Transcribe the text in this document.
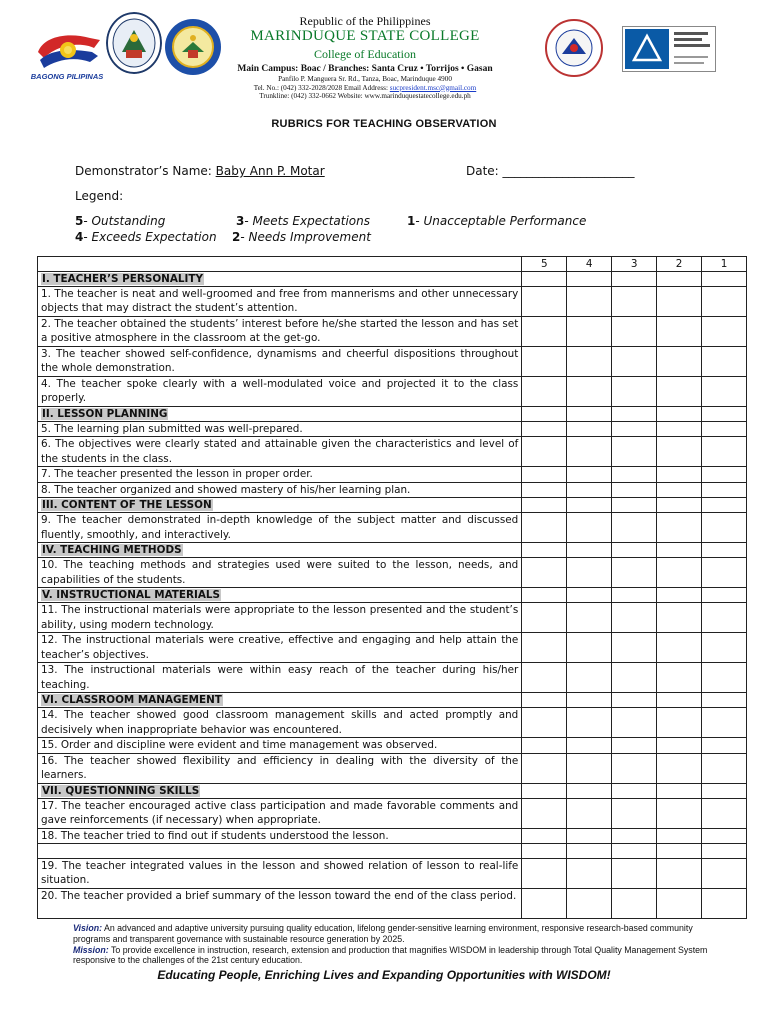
BAGONG PILIPINAS
Republic of the Philippines
MARINDUQUE STATE COLLEGE
College of Education
Main Campus: Boac / Branches: Santa Cruz • Torrijos • Gasan
Panfilo P. Manguera Sr. Rd., Tanza, Boac, Marinduque 4900
Tel. No.: (042) 332-2028/2028 Email Address: sucpresident.msc@gmail.com
Trunkline: (042) 332-0662 Website: www.marinduquestatecollege.edu.ph
RUBRICS FOR TEACHING OBSERVATION
Demonstrator’s Name: Baby Ann P. Motar	Date: ______________________
Legend:
5- Outstanding	3- Meets Expectations	1- Unacceptable Performance
4- Exceeds Expectation 2- Needs Improvement
	5	4	3	2	1
I. TEACHER’S PERSONALITY					
1. The teacher is neat and well-groomed and free from mannerisms and other unnecessary objects that may distract the student’s attention.					
2. The teacher obtained the students’ interest before he/she started the lesson and has set a positive atmosphere in the classroom at the get-go.					
3. The teacher showed self-confidence, dynamisms and cheerful dispositions throughout the whole demonstration.					
4. The teacher spoke clearly with a well-modulated voice and projected it to the class properly.					
II. LESSON PLANNING					
5. The learning plan submitted was well-prepared.					
6. The objectives were clearly stated and attainable given the characteristics and level of the students in the class.					
7. The teacher presented the lesson in proper order.					
8. The teacher organized and showed mastery of his/her learning plan.					
III. CONTENT OF THE LESSON					
9. The teacher demonstrated in-depth knowledge of the subject matter and discussed fluently, smoothly, and interactively.					
IV. TEACHING METHODS					
10. The teaching methods and strategies used were suited to the lesson, needs, and capabilities of the students.					
V. INSTRUCTIONAL MATERIALS					
11. The instructional materials were appropriate to the lesson presented and the student’s ability, using modern technology.					
12. The instructional materials were creative, effective and engaging and help attain the teacher’s objectives.					
13. The instructional materials were within easy reach of the teacher during his/her teaching.					
VI. CLASSROOM MANAGEMENT					
14. The teacher showed good classroom management skills and acted promptly and decisively when inappropriate behavior was encountered.					
15. Order and discipline were evident and time management was observed.					
16. The teacher showed flexibility and efficiency in dealing with the diversity of the learners.					
VII. QUESTIONNING SKILLS					
17. The teacher encouraged active class participation and made favorable comments and gave reinforcements (if necessary) when appropriate.					
18. The teacher tried to find out if students understood the lesson.					

19. The teacher integrated values in the lesson and showed relation of lesson to real-life situation.					
20. The teacher provided a brief summary of the lesson toward the end of the class period.					
Vision: An advanced and adaptive university pursuing quality education, lifelong gender-sensitive learning environment, responsive research-based community programs and transparent governance with sustainable resource generation by 2025.
Mission: To provide excellence in instruction, research, extension and production that magnifies WISDOM in leadership through Total Quality Management System responsive to the challenges of the 21st century education.
Educating People, Enriching Lives and Expanding Opportunities with WISDOM!
